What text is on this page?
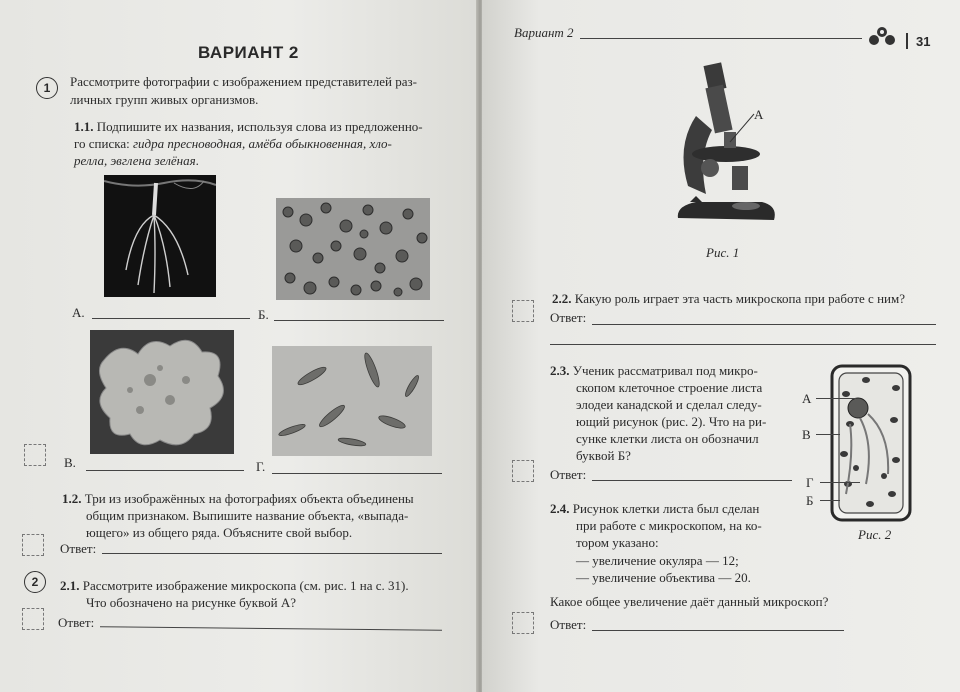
ВАРИАНТ 2
1	Рассмотрите фотографии с изображением представителей раз-
личных групп живых организмов.
1.1. Подпишите их названия, используя слова из предложенно-
го списка: гидра пресноводная, амёба обыкновенная, хло-
релла, эвглена зелёная.
А.	Б.
В.	Г.
1.2. Три из изображённых на фотографиях объекта объединены
общим признаком. Выпишите название объекта, «выпада-
ющего» из общего ряда. Объясните свой выбор.
Ответ:
2	2.1. Рассмотрите изображение микроскопа (см. рис. 1 на с. 31).
Что обозначено на рисунке буквой А?
Ответ:
Вариант 2
31
А
Рис. 1
2.2. Какую роль играет эта часть микроскопа при работе с ним?
Ответ:
2.3. Ученик рассматривал под микро-
скопом клеточное строение листа
элодеи канадской и сделал следу-
ющий рисунок (рис. 2). Что на ри-
сунке клетки листа он обозначил
буквой Б?
А
В
Г
Б
Рис. 2
Ответ:
2.4. Рисунок клетки листа был сделан
при работе с микроскопом, на ко-
тором указано:
— увеличение окуляра — 12;
— увеличение объектива — 20.
Какое общее увеличение даёт данный микроскоп?
Ответ:
